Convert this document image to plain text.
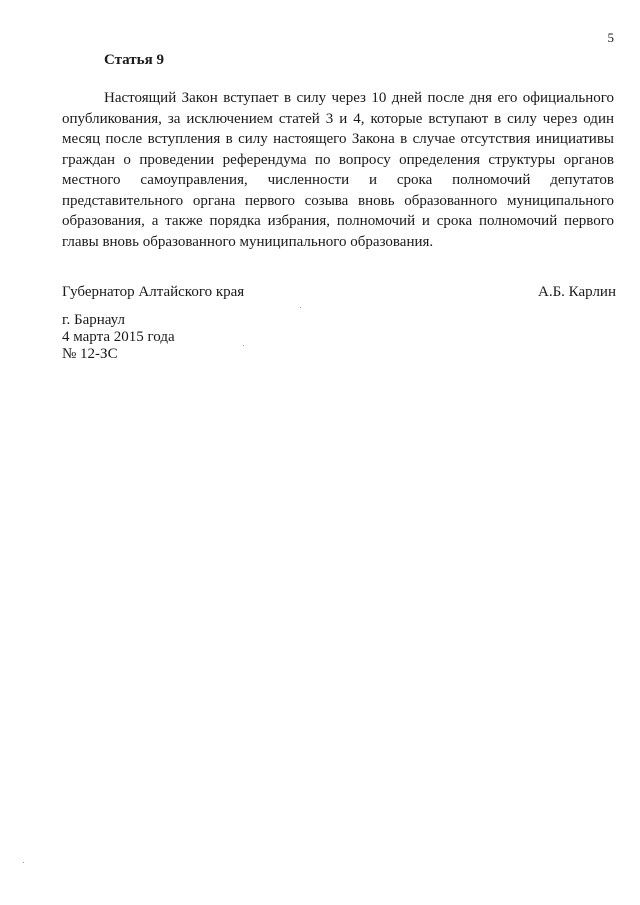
5
Статья 9

Настоящий Закон вступает в силу через 10 дней после дня его официального опубликования, за исключением статей 3 и 4, которые вступают в силу через один месяц после вступления в силу настоящего Закона в случае отсутствия инициативы граждан о проведении референдума по вопросу определения структуры органов местного самоуправления, численности и срока полномочий депутатов представительного органа первого созыва вновь образованного муниципального образования, а также порядка избрания, полномочий и срока полномочий первого главы вновь образованного муниципального образования.

Губернатор Алтайского края	А.Б. Карлин
г. Барнаул
4 марта 2015 года
№ 12-ЗС
